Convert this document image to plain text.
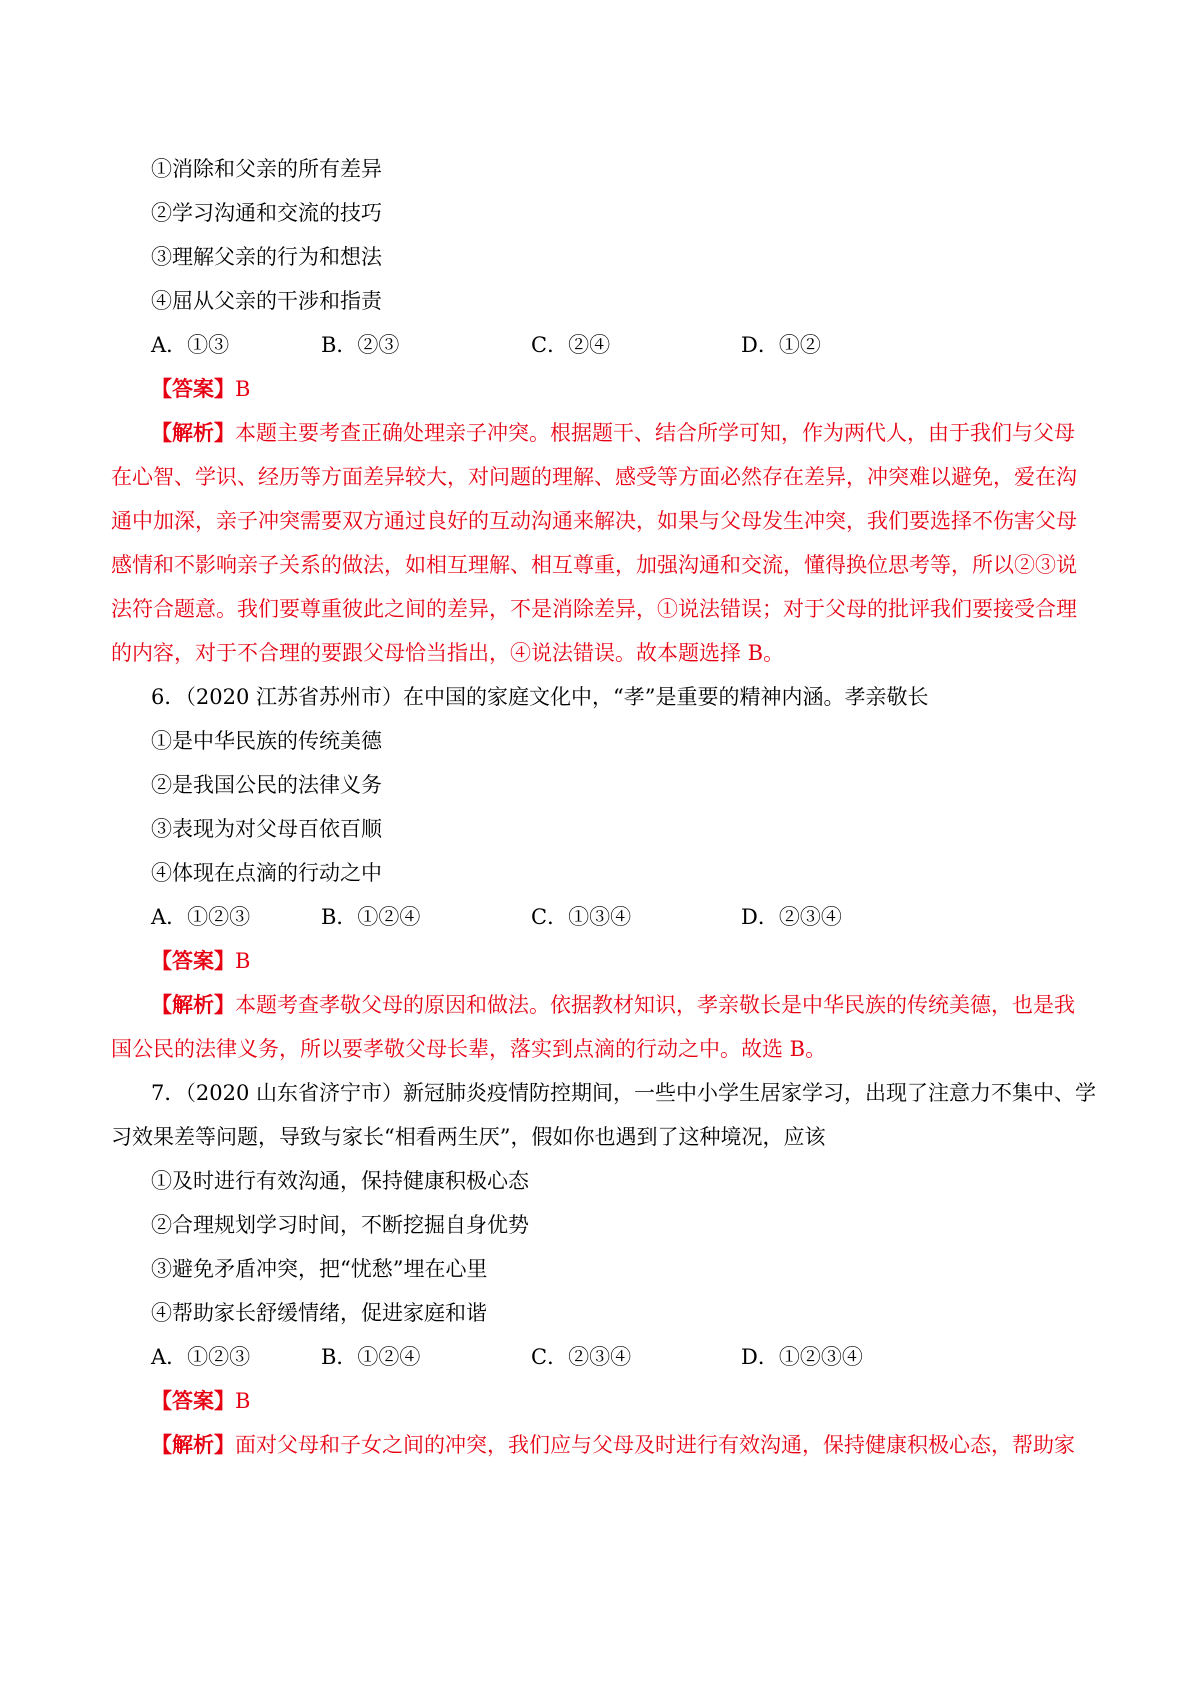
①消除和父亲的所有差异
②学习沟通和交流的技巧
③理解父亲的行为和想法
④屈从父亲的干涉和指责
A．①③	B．②③	C．②④	D．①②
【答案】B
【解析】本题主要考查正确处理亲子冲突。根据题干、结合所学可知，作为两代人，由于我们与父母
在心智、学识、经历等方面差异较大，对问题的理解、感受等方面必然存在差异，冲突难以避免，爱在沟
通中加深，亲子冲突需要双方通过良好的互动沟通来解决，如果与父母发生冲突，我们要选择不伤害父母
感情和不影响亲子关系的做法，如相互理解、相互尊重，加强沟通和交流，懂得换位思考等，所以②③说
法符合题意。我们要尊重彼此之间的差异，不是消除差异，①说法错误；对于父母的批评我们要接受合理
的内容，对于不合理的要跟父母恰当指出，④说法错误。故本题选择 B。
6．（2020 江苏省苏州市）在中国的家庭文化中，“孝”是重要的精神内涵。孝亲敬长
①是中华民族的传统美德
②是我国公民的法律义务
③表现为对父母百依百顺
④体现在点滴的行动之中
A．①②③	B．①②④	C．①③④	D．②③④
【答案】B
【解析】本题考查孝敬父母的原因和做法。依据教材知识，孝亲敬长是中华民族的传统美德，也是我
国公民的法律义务，所以要孝敬父母长辈，落实到点滴的行动之中。故选 B。
7．（2020 山东省济宁市）新冠肺炎疫情防控期间，一些中小学生居家学习，出现了注意力不集中、学
习效果差等问题，导致与家长“相看两生厌”，假如你也遇到了这种境况，应该
①及时进行有效沟通，保持健康积极心态
②合理规划学习时间，不断挖掘自身优势
③避免矛盾冲突，把“忧愁”埋在心里
④帮助家长舒缓情绪，促进家庭和谐
A．①②③	B．①②④	C．②③④	D．①②③④
【答案】B
【解析】面对父母和子女之间的冲突，我们应与父母及时进行有效沟通，保持健康积极心态，帮助家
